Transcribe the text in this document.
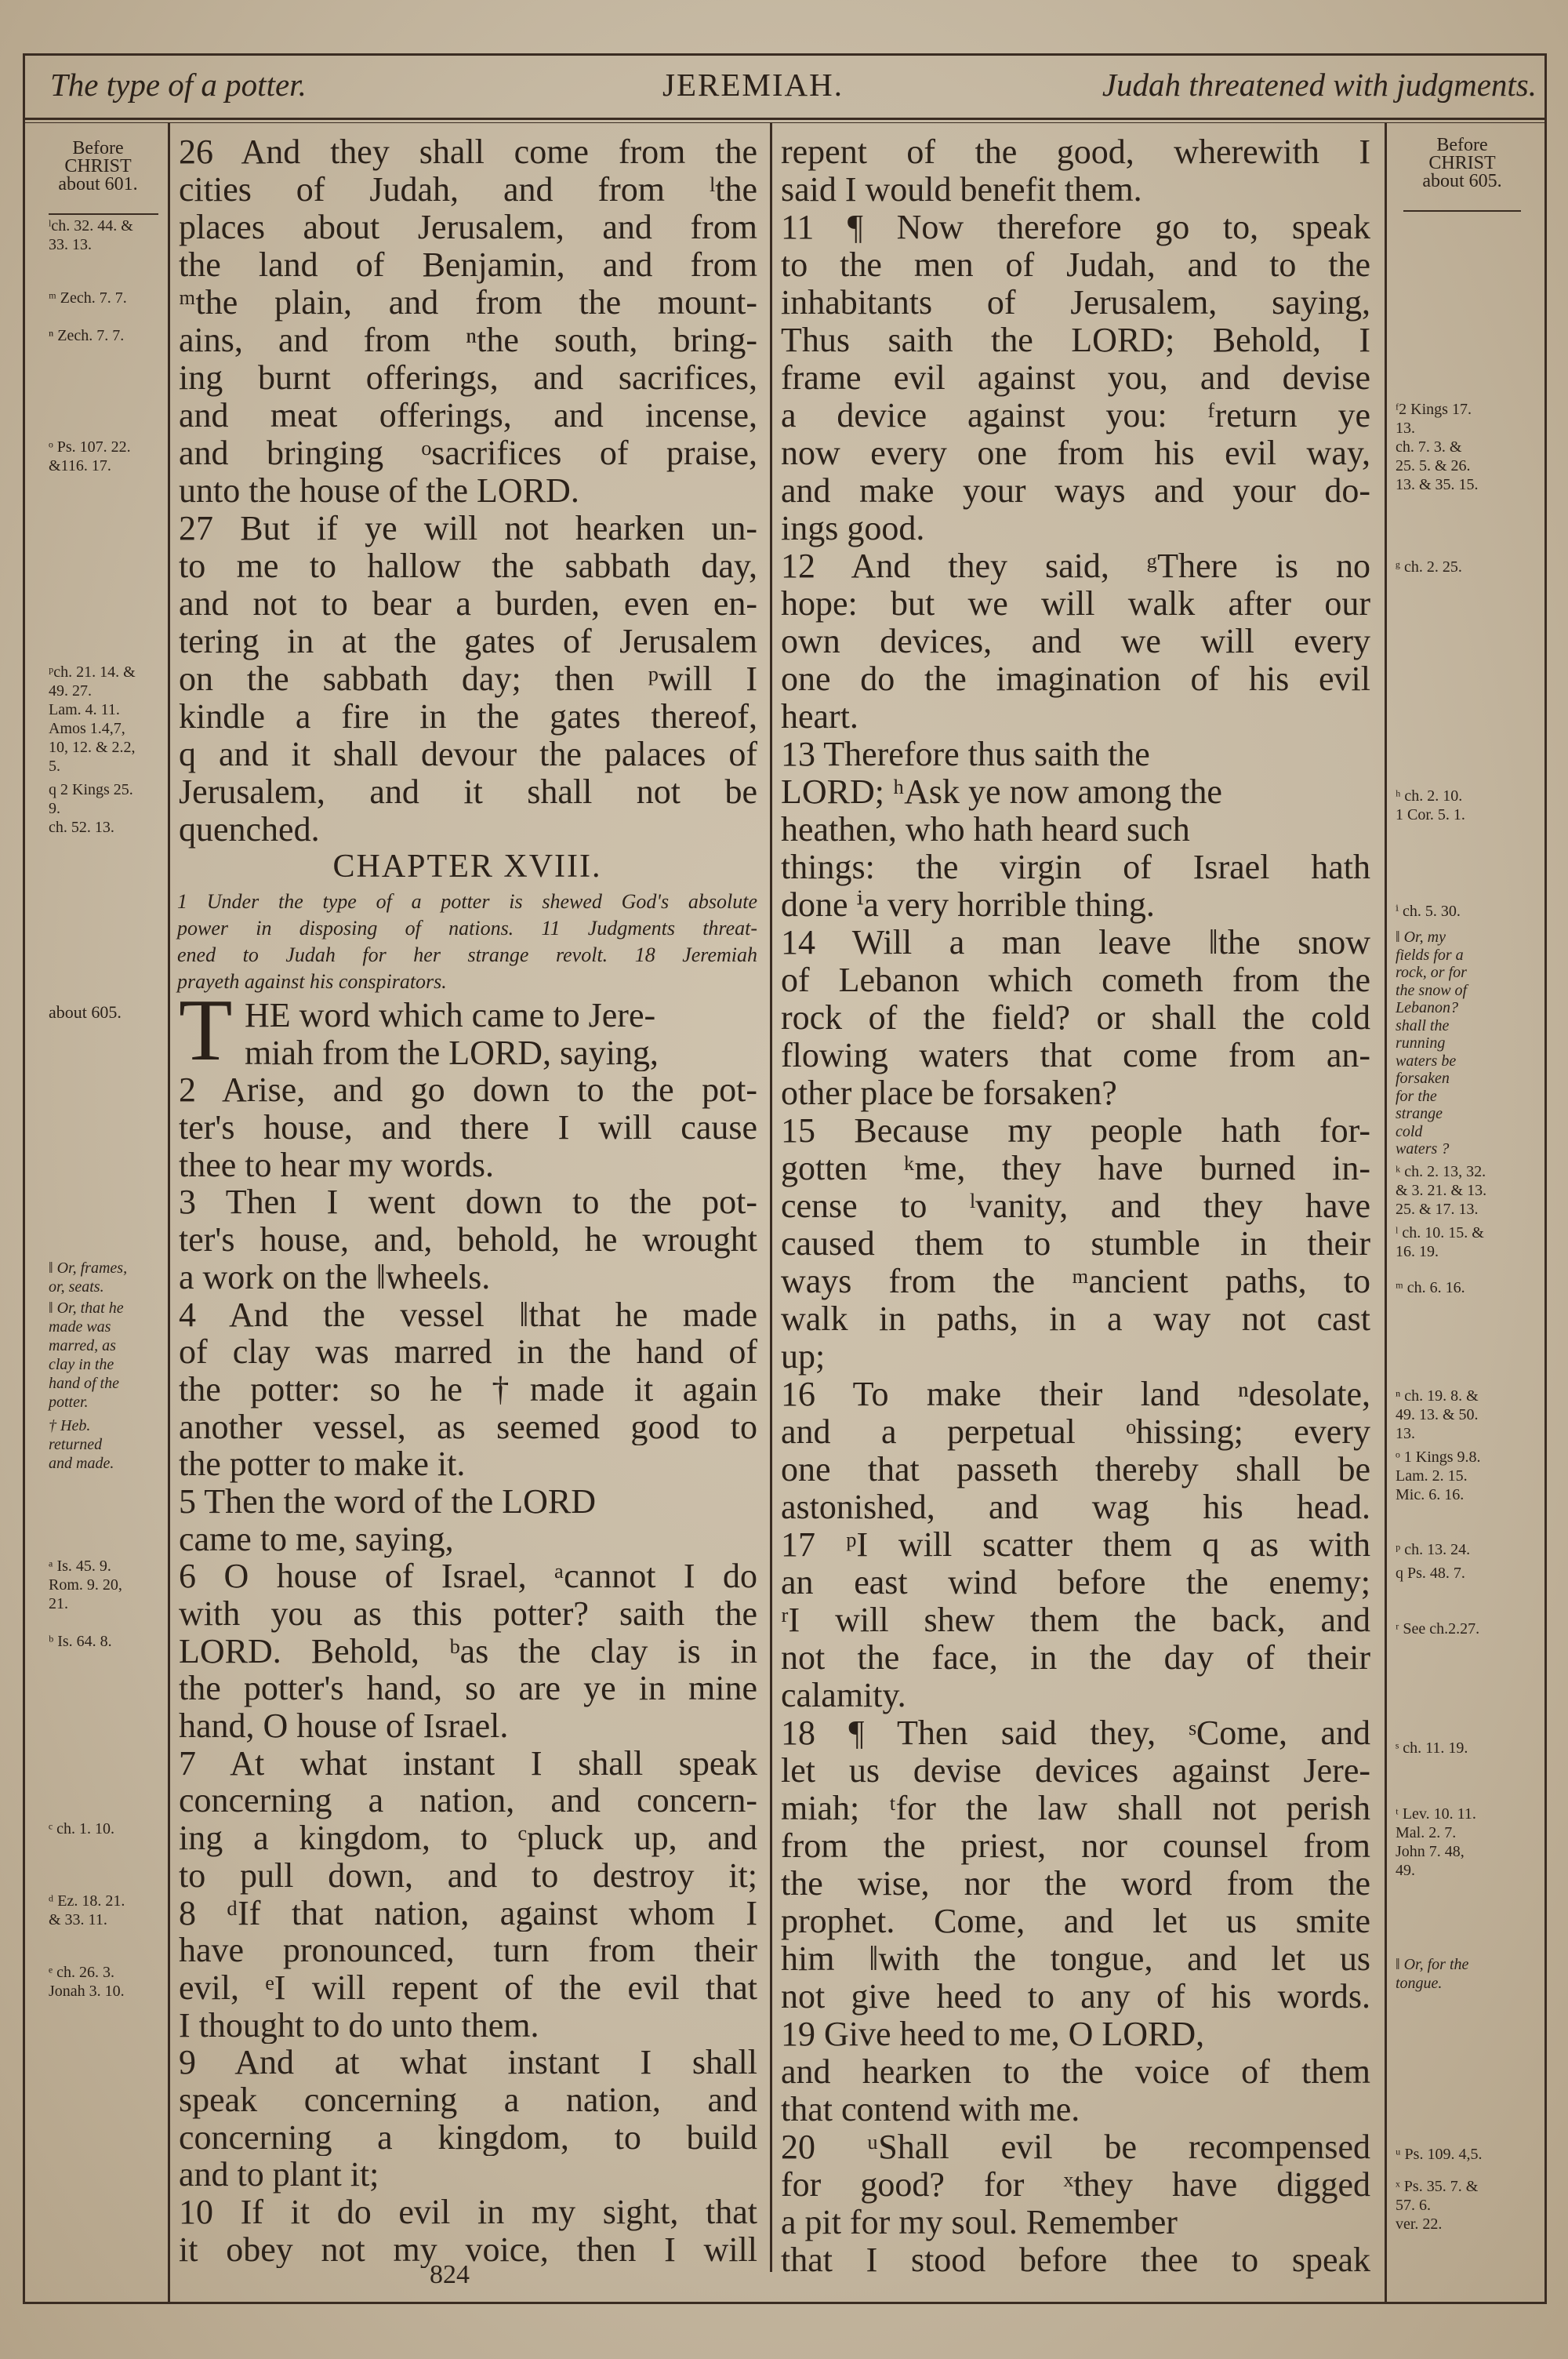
The type of a potter.	JEREMIAH.	Judah threatened with judgments.
Before
CHRIST
about 601.
ˡch. 32. 44. &
33. 13.
ᵐ Zech. 7. 7.
ⁿ Zech. 7. 7.
ᵒ Ps. 107. 22.
&116. 17.
ᵖch. 21. 14. &
49. 27.
Lam. 4. 11.
Amos 1.4,7,
10, 12. & 2.2,
5.
q 2 Kings 25.
9.
ch. 52. 13.
about 605.
‖ Or, frames,
or, seats.
‖ Or, that he
made was
marred, as
clay in the
hand of the
potter.
† Heb.
returned
and made.
ᵃ Is. 45. 9.
Rom. 9. 20,
21.
ᵇ Is. 64. 8.
ᶜ ch. 1. 10.
ᵈ Ez. 18. 21.
& 33. 11.
ᵉ ch. 26. 3.
Jonah 3. 10.
Before
CHRIST
about 605.
ᶠ2 Kings 17.
13.
ch. 7. 3. &
25. 5. & 26.
13. & 35. 15.
ᵍ ch. 2. 25.
ʰ ch. 2. 10.
1 Cor. 5. 1.
ⁱ ch. 5. 30.
‖ Or, my
fields for a
rock, or for
the snow of
Lebanon?
shall the
running
waters be
forsaken
for the
strange
cold
waters ?
ᵏ ch. 2. 13, 32.
& 3. 21. & 13.
25. & 17. 13.
ˡ ch. 10. 15. &
16. 19.
ᵐ ch. 6. 16.
ⁿ ch. 19. 8. &
49. 13. & 50.
13.
ᵒ 1 Kings 9.8.
Lam. 2. 15.
Mic. 6. 16.
ᵖ ch. 13. 24.
q Ps. 48. 7.
ʳ See ch.2.27.
ˢ ch. 11. 19.
ᵗ Lev. 10. 11.
Mal. 2. 7.
John 7. 48,
49.
‖ Or, for the
tongue.
ᵘ Ps. 109. 4,5.
ˣ Ps. 35. 7. &
57. 6.
ver. 22.
26 And they shall come from the
cities of Judah, and from ˡthe
places about Jerusalem, and from
the land of Benjamin, and from
ᵐthe plain, and from the mount-
ains, and from ⁿthe south, bring-
ing burnt offerings, and sacrifices,
and meat offerings, and incense,
and bringing ᵒsacrifices of praise,
unto the house of the LORD.
27 But if ye will not hearken un-
to me to hallow the sabbath day,
and not to bear a burden, even en-
tering in at the gates of Jerusalem
on the sabbath day; then ᵖwill I
kindle a fire in the gates thereof,
q and it shall devour the palaces of
Jerusalem, and it shall not be
quenched.
CHAPTER XVIII.
1 Under the type of a potter is shewed God's absolute
power in disposing of nations. 11 Judgments threat-
ened to Judah for her strange revolt. 18 Jeremiah
prayeth against his conspirators.
T HE word which came to Jere-
miah from the LORD, saying,
2 Arise, and go down to the pot-
ter's house, and there I will cause
thee to hear my words.
3 Then I went down to the pot-
ter's house, and, behold, he wrought
a work on the ‖wheels.
4 And the vessel ‖that he made
of clay was marred in the hand of
the potter: so he †made it again
another vessel, as seemed good to
the potter to make it.
5 Then the word of the LORD
came to me, saying,
6 O house of Israel, ᵃcannot I do
with you as this potter? saith the
LORD. Behold, ᵇas the clay is in
the potter's hand, so are ye in mine
hand, O house of Israel.
7 At what instant I shall speak
concerning a nation, and concern-
ing a kingdom, to ᶜpluck up, and
to pull down, and to destroy it;
8 ᵈIf that nation, against whom I
have pronounced, turn from their
evil, ᵉI will repent of the evil that
I thought to do unto them.
9 And at what instant I shall
speak concerning a nation, and
concerning a kingdom, to build
and to plant it;
10 If it do evil in my sight, that
it obey not my voice, then I will
repent of the good, wherewith I
said I would benefit them.
11 ¶ Now therefore go to, speak
to the men of Judah, and to the
inhabitants of Jerusalem, saying,
Thus saith the LORD; Behold, I
frame evil against you, and devise
a device against you: ᶠreturn ye
now every one from his evil way,
and make your ways and your do-
ings good.
12 And they said, ᵍThere is no
hope: but we will walk after our
own devices, and we will every
one do the imagination of his evil
heart.
13 Therefore thus saith the
LORD; ʰAsk ye now among the
heathen, who hath heard such
things: the virgin of Israel hath
done ⁱa very horrible thing.
14 Will a man leave ‖the snow
of Lebanon which cometh from the
rock of the field? or shall the cold
flowing waters that come from an-
other place be forsaken?
15 Because my people hath for-
gotten ᵏme, they have burned in-
cense to ˡvanity, and they have
caused them to stumble in their
ways from the ᵐancient paths, to
walk in paths, in a way not cast
up;
16 To make their land ⁿdesolate,
and a perpetual ᵒhissing; every
one that passeth thereby shall be
astonished, and wag his head.
17 ᵖI will scatter them q as with
an east wind before the enemy;
ʳI will shew them the back, and
not the face, in the day of their
calamity.
18 ¶ Then said they, ˢCome, and
let us devise devices against Jere-
miah; ᵗfor the law shall not perish
from the priest, nor counsel from
the wise, nor the word from the
prophet. Come, and let us smite
him ‖with the tongue, and let us
not give heed to any of his words.
19 Give heed to me, O LORD,
and hearken to the voice of them
that contend with me.
20 ᵘShall evil be recompensed
for good? for ˣthey have digged
a pit for my soul. Remember
that I stood before thee to speak
824
